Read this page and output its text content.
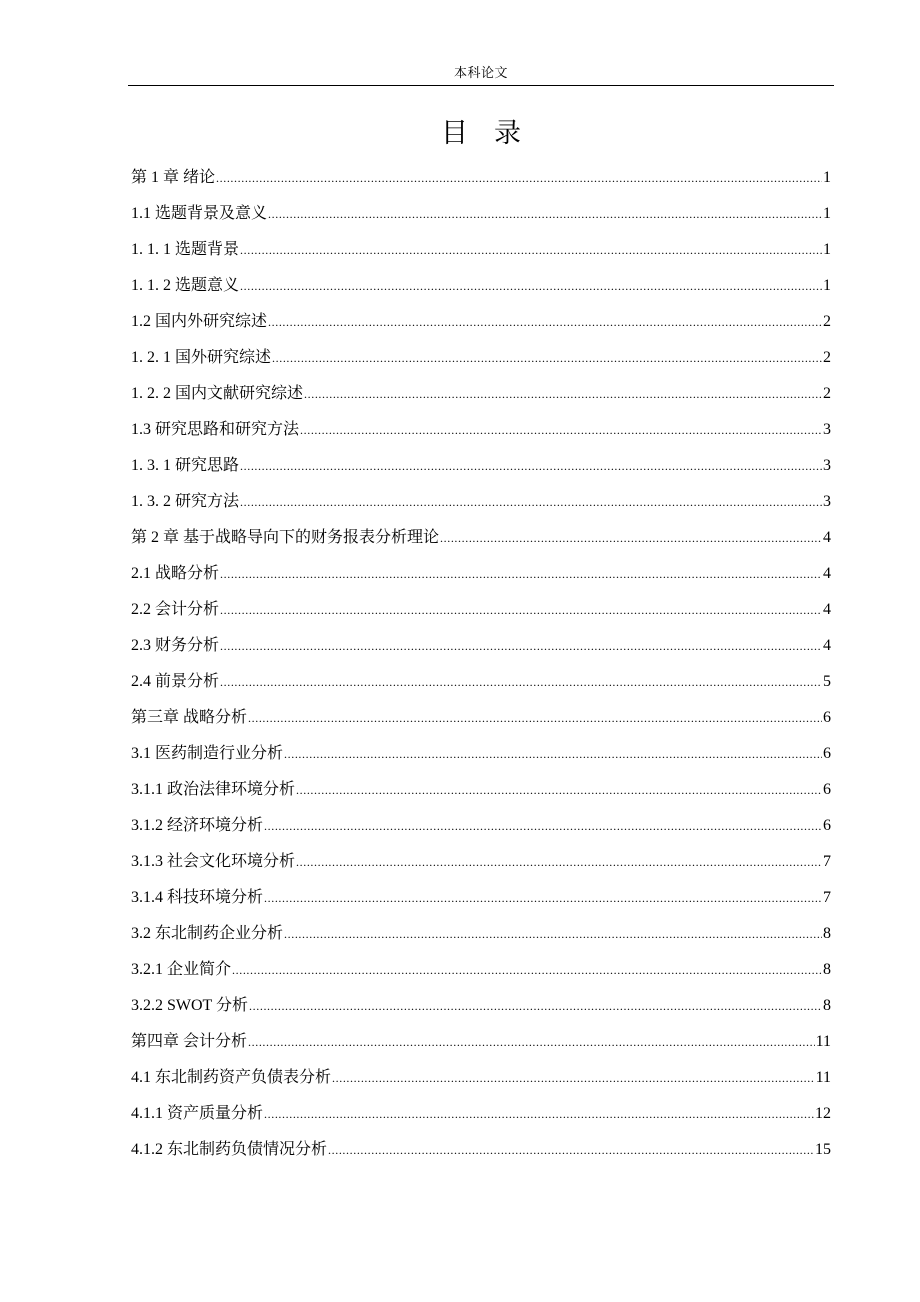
本科论文
目录
第 1 章 绪论 .....	1
1.1 选题背景及意义 .....	1
1. 1. 1 选题背景 .....	1
1. 1. 2 选题意义 .....	1
1.2 国内外研究综述 .....	2
1. 2. 1 国外研究综述 .....	2
1. 2. 2 国内文献研究综述 .....	2
1.3 研究思路和研究方法 .....	3
1. 3. 1 研究思路 .....	3
1. 3. 2 研究方法 .....	3
第 2 章 基于战略导向下的财务报表分析理论 .....	4
2.1 战略分析 .....	4
2.2 会计分析 .....	4
2.3 财务分析 .....	4
2.4 前景分析 .....	5
第三章 战略分析 .....	6
3.1 医药制造行业分析 .....	6
3.1.1 政治法律环境分析 .....	6
3.1.2 经济环境分析 .....	6
3.1.3 社会文化环境分析 .....	7
3.1.4 科技环境分析 .....	7
3.2 东北制药企业分析 .....	8
3.2.1 企业简介 .....	8
3.2.2 SWOT 分析 .....	8
第四章 会计分析 .....	11
4.1 东北制药资产负债表分析 .....	11
4.1.1 资产质量分析 .....	12
4.1.2 东北制药负债情况分析 .....	15
